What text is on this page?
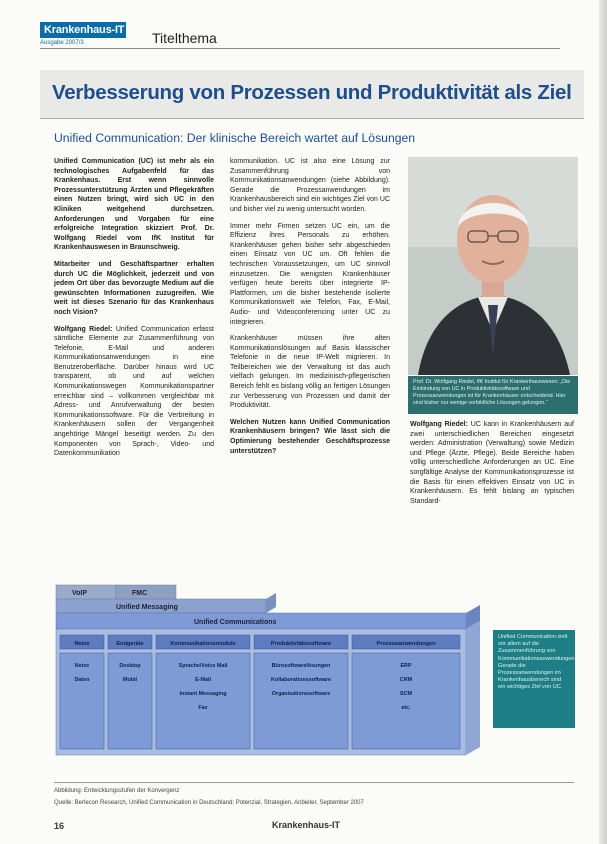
Krankenhaus-IT
Ausgabe 2007/3	Titelthema
Verbesserung von Prozessen und Produktivität als Ziel
Unified Communication: Der klinische Bereich wartet auf Lösungen

Unified Communication (UC) ist mehr als ein technologisches Aufgabenfeld für das Krankenhaus. Erst wenn sinnvolle Prozessunterstützung Ärzten und Pflegekräften einen Nutzen bringt, wird sich UC in den Kliniken weitgehend durchsetzen. Anforderungen und Vorgaben für eine erfolgreiche Integration skizziert Prof. Dr. Wolfgang Riedel vom IfK Institut für Krankenhauswesen in Braunschweig.

Mitarbeiter und Geschäftspartner erhalten durch UC die Möglichkeit, jederzeit und von jedem Ort über das bevorzugte Medium auf die gewünschten Informationen zuzugreifen. Wie weit ist dieses Szenario für das Krankenhaus noch Vision?

Wolfgang Riedel: Unified Communication erfasst sämtliche Elemente zur Zusammenführung von Telefonie, E-Mail und anderen Kommunikationsanwendungen in eine Benutzeroberfläche. Darüber hinaus wird UC transparent, ob und auf welchen Kommunikationswegen Kommunikationspartner erreichbar sind – vollkommen vergleichbar mit Adress- und Anrufverwaltung der besten Kommunikationssoftware. Für die Verbreitung in Krankenhäusern sollen der Vergangenheit angehörige Mängel beseitigt werden. Zu den Komponenten von Sprach-, Video- und Datenkommunikation

kommunikation. UC ist also eine Lösung zur Zusammenführung von Kommunikationsanwendungen (siehe Abbildung). Gerade die Prozessanwendungen im Krankenhausbereich sind ein wichtiges Ziel von UC und bisher viel zu wenig untersucht worden.

Immer mehr Firmen setzen UC ein, um die Effizienz ihres Personals zu erhöhen. Krankenhäuser gehen bisher sehr abgeschieden einen Einsatz von UC um. Oft fehlen die technischen Voraussetzungen, um UC sinnvoll einzusetzen. Die wenigsten Krankenhäuser verfügen heute bereits über integrierte IP-Plattformen, um die bisher bestehende isolierte Kommunikationswelt wie Telefon, Fax, E-Mail, Audio- und Videoconferencing unter UC zu integrieren.

Krankenhäuser müssen ihre alten Kommunikationslösungen auf Basis klassischer Telefonie in die neue IP-Welt migrieren. In Teilbereichen wie der Verwaltung ist das auch vielfach gelungen. Im medizinisch-pflegerischen Bereich fehlt es bislang völlig an fertigen Lösungen zur Verbesserung von Prozessen und damit der Produktivität.

Welchen Nutzen kann Unified Communication Krankenhäusern bringen? Wie lässt sich die Optimierung bestehender Geschäftsprozesse unterstützen?

Prof. Dr. Wolfgang Riedel, IfK Institut für Krankenhauswesen: „Die Einbindung von UC in Produktivitätssoftware und Prozessanwendungen ist für Krankenhäuser entscheidend. Hier sind bisher nur wenige vorbildliche Lösungen gelungen.“

Wolfgang Riedel: UC kann in Krankenhäusern auf zwei unterschiedlichen Bereichen eingesetzt werden: Administration (Verwaltung) sowie Medizin und Pflege (Ärzte, Pflege). Beide Bereiche haben völlig unterschiedliche Anforderungen an UC. Eine sorgfältige Analyse der Kommunikationsprozesse ist die Basis für einen effektiven Einsatz von UC in Krankenhäusern. Es fehlt bislang an typischen Standard-

VoIP	FMC
Unified Messaging
Unified Communications
Netze
Netze
Daten
Endgeräte
Desktop
Mobil
Kommunikationsmodule
Sprache/Voice Mail
E-Mail
Instant Messaging
Fax
Produktivitätssoftware
Bürosoftwarelösungen
Kollaborationssoftware
Organisationssoftware
Prozessanwendungen
ERP
CRM
SCM
etc.
Unified Communication zielt vor allem auf die Zusammenführung von Kommunikationsanwendungen. Gerade die Prozessanwendungen im Krankenhausbereich sind ein wichtiges Ziel von UC.
Abbildung: Entwicklungsstufen der Konvergenz
Quelle: Berlecon Research, Unified Communication in Deutschland: Potenzial, Strategien, Anbieter, September 2007
16	Krankenhaus-IT
